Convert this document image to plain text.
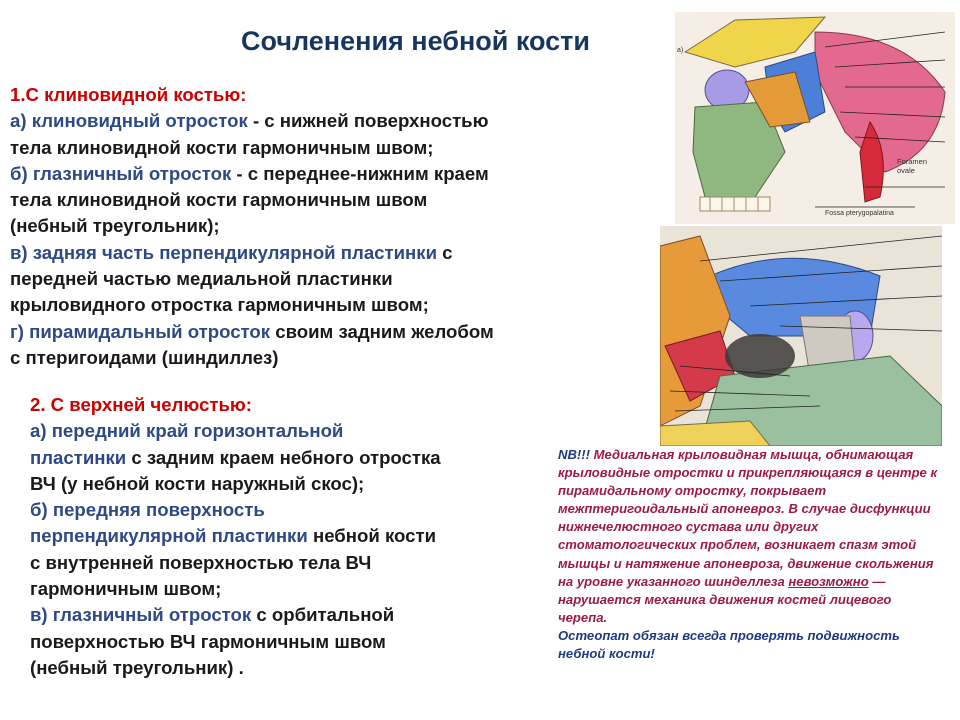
Сочленения небной кости

1.С клиновидной костью:

а) клиновидный отросток - с нижней поверхностью

тела клиновидной кости гармоничным швом;

б) глазничный отросток - с переднее-нижним краем

тела клиновидной кости гармоничным швом

(небный треугольник);

в) задняя часть перпендикулярной пластинки с

передней частью медиальной пластинки

крыловидного отростка гармоничным швом;

г) пирамидальный отросток своим задним желобом

с птеригоидами (шиндиллез)

2. С верхней челюстью:

а) передний край горизонтальной

пластинки с задним краем небного отростка

ВЧ (у небной кости наружный скос);

б) передняя поверхность

перпендикулярной пластинки небной кости

с внутренней поверхностью тела ВЧ

гармоничным швом;

в) глазничный отросток с орбитальной

поверхностью ВЧ гармоничным швом

(небный треугольник) .

NB!!! Медиальная крыловидная мышца, обнимающая крыловидные отростки и прикрепляющаяся в центре к пирамидальному отростку, покрывает межптеригоидальный апоневроз. В случае дисфункции нижнечелюстного сустава или других стоматологических проблем, возникает спазм этой мышцы и натяжение апоневроза, движение скольжения на уровне указанного шинделлеза невозможно — нарушается механика движения костей лицевого черепа.
Остеопат обязан всегда проверять подвижность небной кости!
a)
Foramen
ovale
Fossa pterygopalatina
